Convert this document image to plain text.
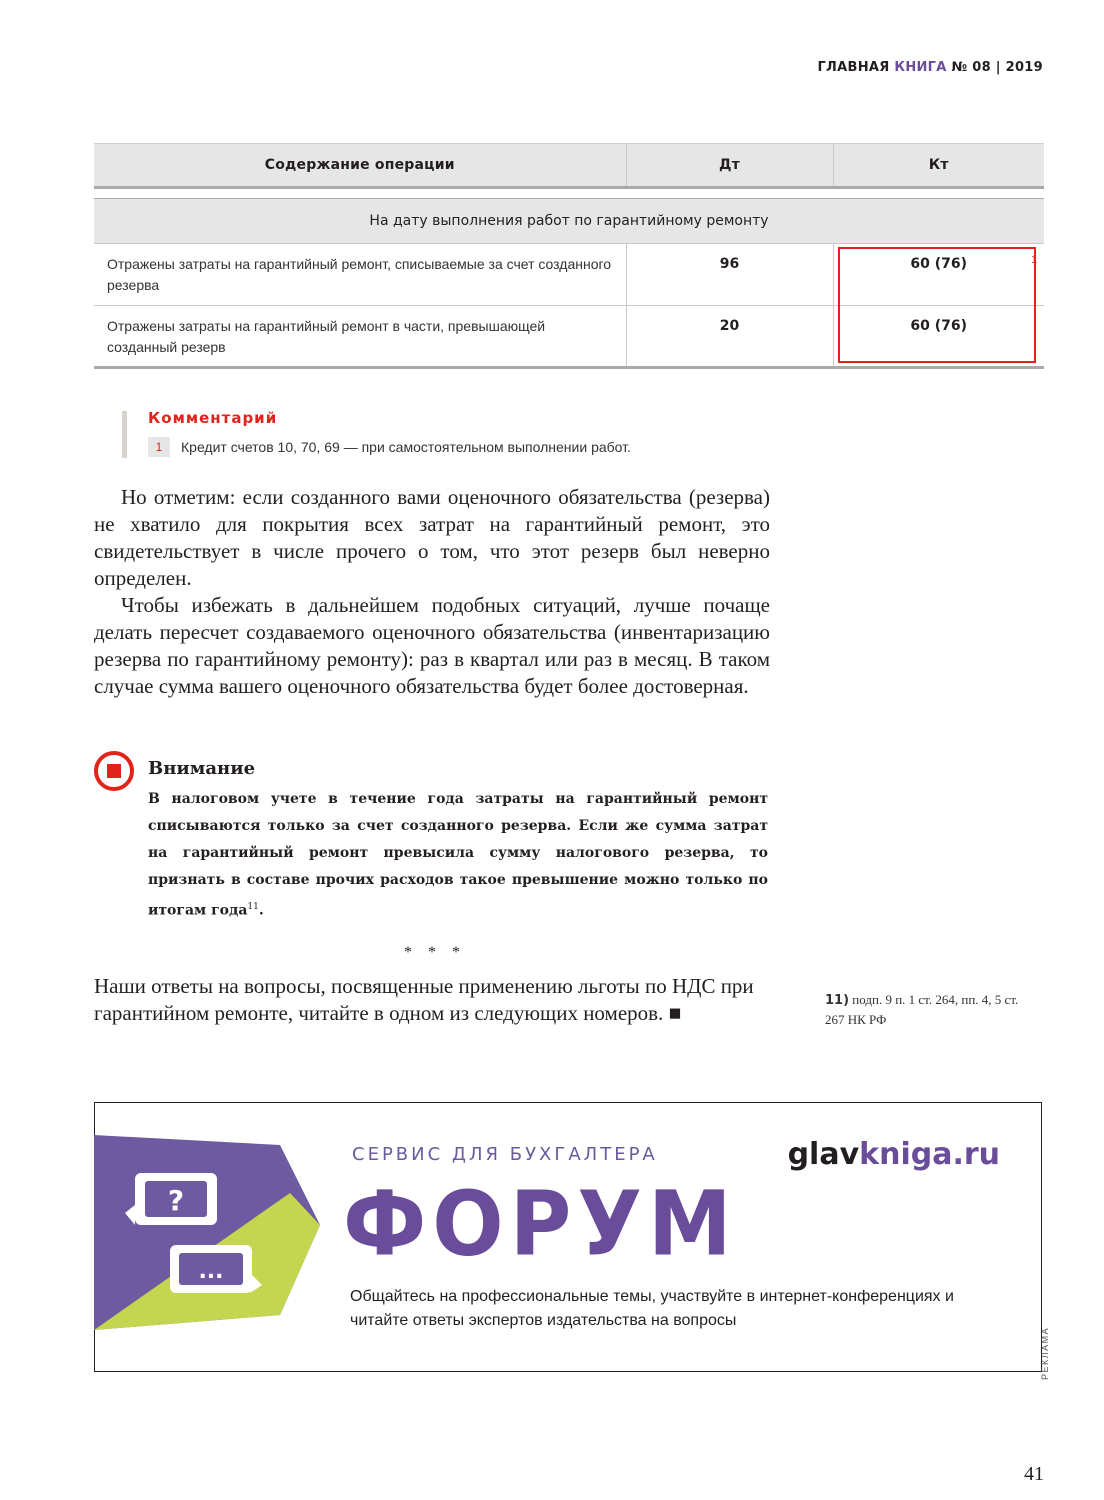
ГЛАВНАЯ КНИГА № 08 | 2019
Содержание операции	Дт	Кт
На дату выполнения работ по гарантийному ремонту		
Отражены затраты на гарантийный ремонт, списываемые за счет созданного резерва	96	60 (76)
Отражены затраты на гарантийный ремонт в части, превышающей созданный резерв	20	60 (76)
1
Комментарий
1	Кредит счетов 10, 70, 69 — при самостоятельном выполнении работ.

Но отметим: если созданного вами оценочного обязательства (резерва) не хватило для покрытия всех затрат на гарантийный ремонт, это свидетельствует в числе прочего о том, что этот резерв был неверно определен.

Чтобы избежать в дальнейшем подобных ситуаций, лучше почаще делать пересчет создаваемого оценочного обязательства (инвентаризацию резерва по гарантийному ремонту): раз в квартал или раз в месяц. В таком случае сумма вашего оценочного обязательства будет более достоверная.

Внимание
В налоговом учете в течение года затраты на гарантийный ремонт списываются только за счет созданного резерва. Если же сумма затрат на гарантийный ремонт превысила сумму налогового резерва, то признать в составе прочих расходов такое превышение можно только по итогам года$^{11}$.
* * *
Наши ответы на вопросы, посвященные применению льготы по НДС при гарантийном ремонте, читайте в одном из следующих номеров. ■
11) подп. 9 п. 1 ст. 264, пп. 4, 5 ст. 267 НК РФ
?
...
СЕРВИС ДЛЯ БУХГАЛТЕРА	glavkniga.ru
ФОРУМ
Общайтесь на профессиональные темы, участвуйте в интернет-конференциях и читайте ответы экспертов издательства на вопросы
РЕКЛАМА
41
